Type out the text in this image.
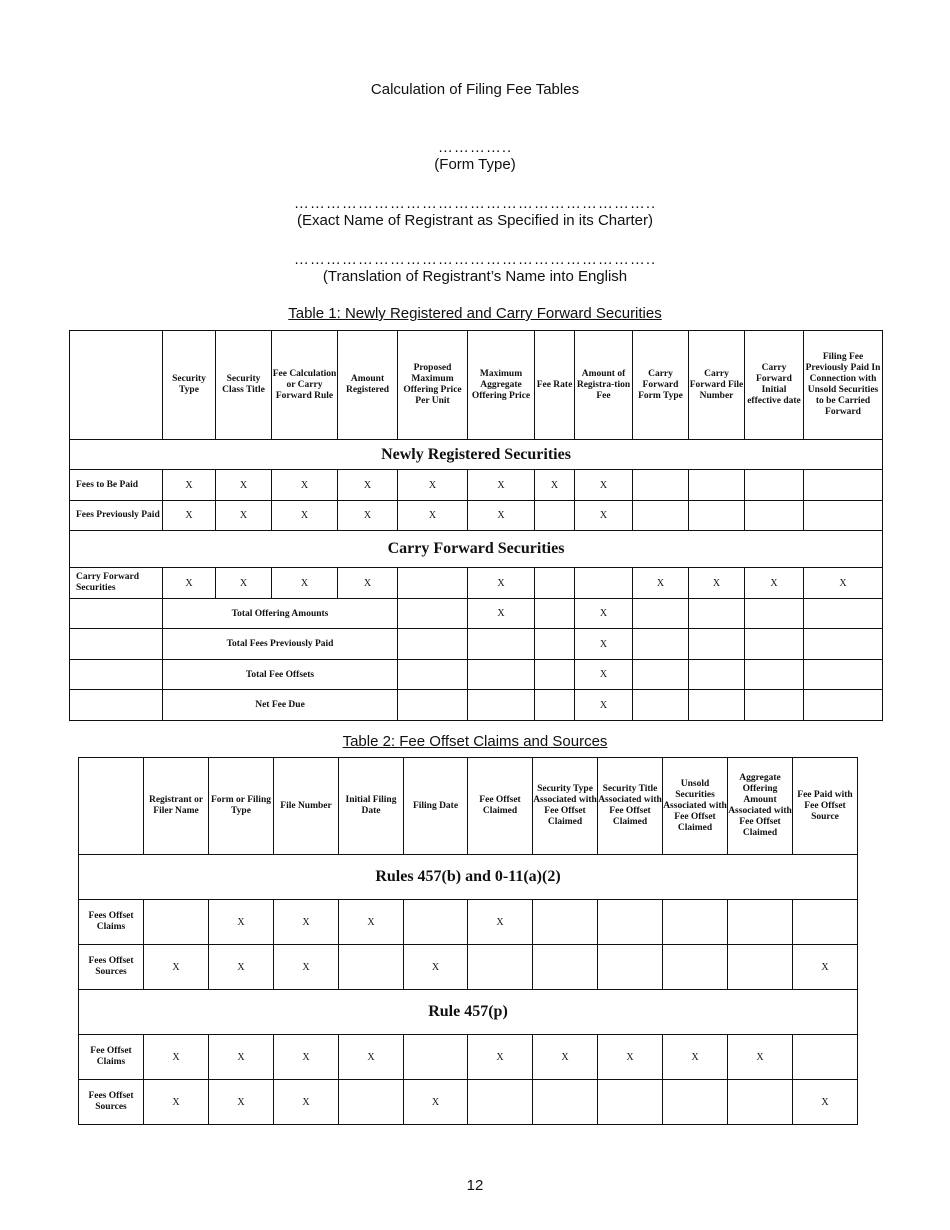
Calculation of Filing Fee Tables
…………..
(Form Type)
…………………………………………………………..
(Exact Name of Registrant as Specified in its Charter)
…………………………………………………………..
(Translation of Registrant’s Name into English
Table 1: Newly Registered and Carry Forward Securities
	Security Type	Security Class Title	Fee Calculation or Carry Forward Rule	Amount Registered	Proposed Maximum Offering Price Per Unit	Maximum Aggregate Offering Price	Fee Rate	Amount of Registra-tion Fee	Carry Forward Form Type	Carry Forward File Number	Carry Forward Initial effective date	Filing Fee Previously Paid In Connection with Unsold Securities to be Carried Forward
Newly Registered Securities												
Fees to Be Paid	X	X	X	X	X	X	X	X				
Fees Previously Paid	X	X	X	X	X	X		X				
Carry Forward Securities												
Carry Forward Securities	X	X	X	X		X			X	X	X	X
	Total Offering Amounts					X		X				
	Total Fees Previously Paid							X				
	Total Fee Offsets							X				
	Net Fee Due							X				
Table 2: Fee Offset Claims and Sources
	Registrant or Filer Name	Form or Filing Type	File Number	Initial Filing Date	Filing Date	Fee Offset Claimed	Security Type Associated with Fee Offset Claimed	Security Title Associated with Fee Offset Claimed	Unsold Securities Associated with Fee Offset Claimed	Aggregate Offering Amount Associated with Fee Offset Claimed	Fee Paid with Fee Offset Source
Rules 457(b) and 0-11(a)(2)											
Fees Offset Claims		X	X	X		X					
Fees Offset Sources	X	X	X		X						X
Rule 457(p)											
Fee Offset Claims	X	X	X	X		X	X	X	X	X	
Fees Offset Sources	X	X	X		X						X
12
